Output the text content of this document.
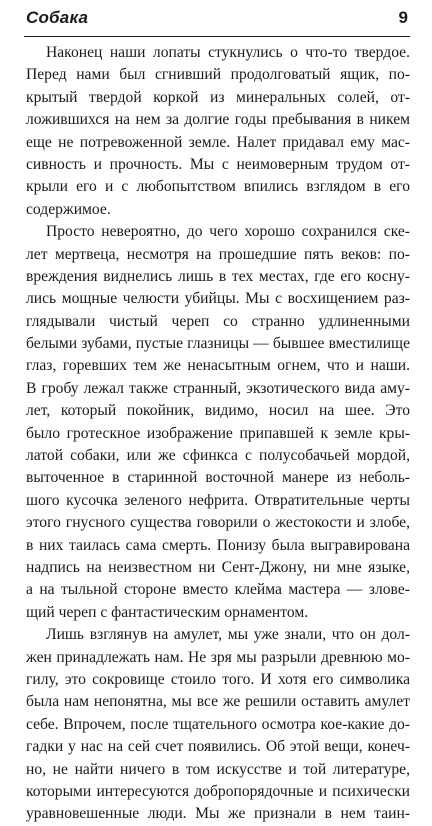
Собака	9
Наконец наши лопаты стукнулись о что-то твердое.
Перед нами был сгнивший продолговатый ящик, по-
крытый твердой коркой из минеральных солей, от-
ложившихся на нем за долгие годы пребывания в никем
еще не потревоженной земле. Налет придавал ему мас-
сивность и прочность. Мы с неимоверным трудом от-
крыли его и с любопытством впились взглядом в его
содержимое.
Просто невероятно, до чего хорошо сохранился ске-
лет мертвеца, несмотря на прошедшие пять веков: по-
вреждения виднелись лишь в тех местах, где его косну-
лись мощные челюсти убийцы. Мы с восхищением раз-
глядывали чистый череп со странно удлиненными
белыми зубами, пустые глазницы — бывшее вместилище
глаз, горевших тем же ненасытным огнем, что и наши.
В гробу лежал также странный, экзотического вида аму-
лет, который покойник, видимо, носил на шее. Это
было гротескное изображение припавшей к земле кры-
латой собаки, или же сфинкса с полусобачьей мордой,
выточенное в старинной восточной манере из неболь-
шого кусочка зеленого нефрита. Отвратительные черты
этого гнусного существа говорили о жестокости и злобе,
в них таилась сама смерть. Понизу была выгравирована
надпись на неизвестном ни Сент-Джону, ни мне языке,
а на тыльной стороне вместо клейма мастера — зловe-
щий череп с фантастическим орнаментом.
Лишь взглянув на амулет, мы уже знали, что он дол-
жен принадлежать нам. Не зря мы разрыли древнюю мо-
гилу, это сокровище стоило того. И хотя его символика
была нам непонятна, мы все же решили оставить амулет
себе. Впрочем, после тщательного осмотра кое-какие до-
гадки у нас на сей счет появились. Об этой вещи, конеч-
но, не найти ничего в том искусстве и той литературе,
которыми интересуются добропорядочные и психически
уравновешенные люди. Мы же признали в нем таин-
